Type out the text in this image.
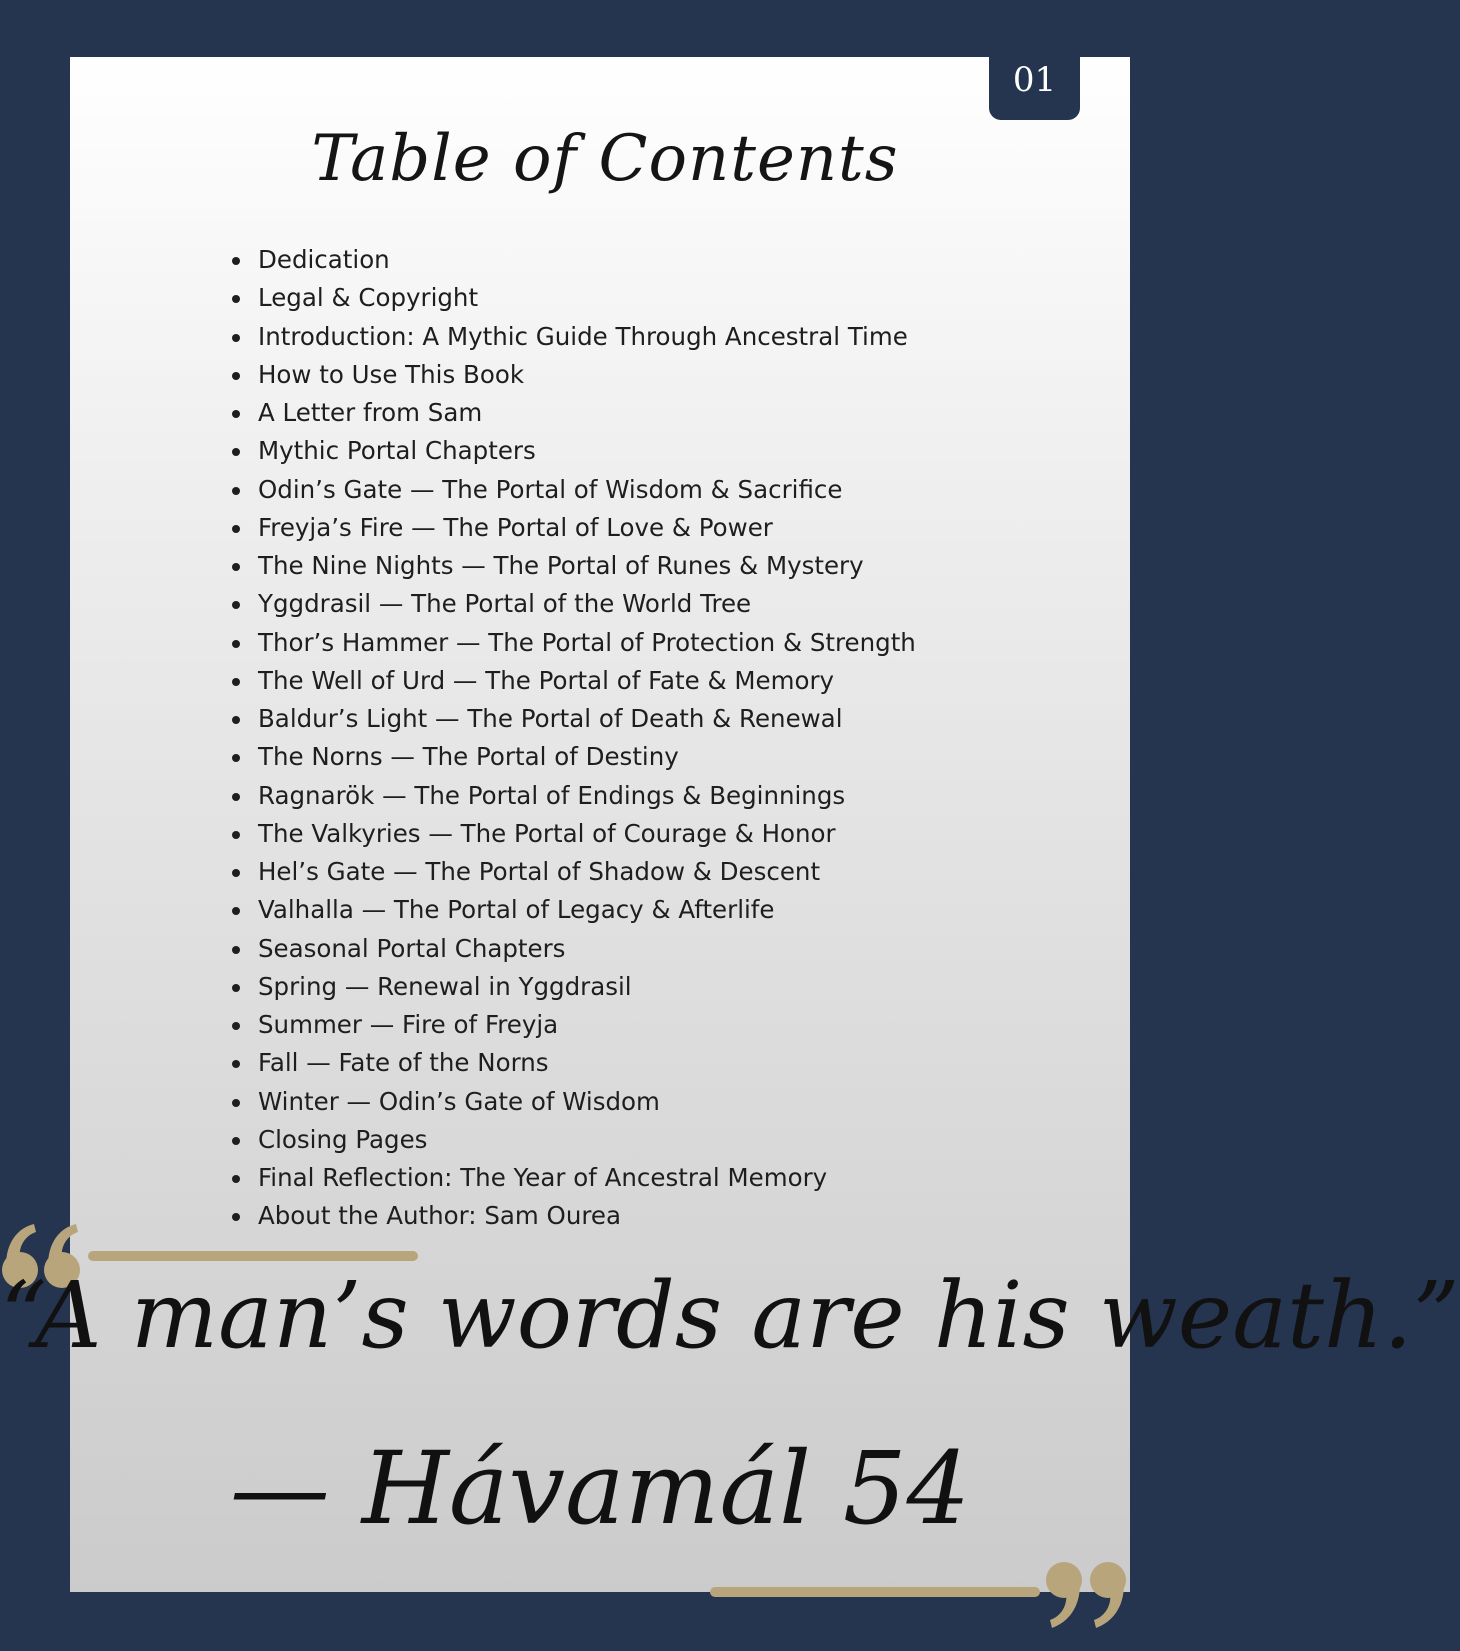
01
Table of Contents
Dedication
Legal & Copyright
Introduction: A Mythic Guide Through Ancestral Time
How to Use This Book
A Letter from Sam
Mythic Portal Chapters
Odin’s Gate — The Portal of Wisdom & Sacrifice
Freyja’s Fire — The Portal of Love & Power
The Nine Nights — The Portal of Runes & Mystery
Yggdrasil — The Portal of the World Tree
Thor’s Hammer — The Portal of Protection & Strength
The Well of Urd — The Portal of Fate & Memory
Baldur’s Light — The Portal of Death & Renewal
The Norns — The Portal of Destiny
Ragnarök — The Portal of Endings & Beginnings
The Valkyries — The Portal of Courage & Honor
Hel’s Gate — The Portal of Shadow & Descent
Valhalla — The Portal of Legacy & Afterlife
Seasonal Portal Chapters
Spring — Renewal in Yggdrasil
Summer — Fire of Freyja
Fall — Fate of the Norns
Winter — Odin’s Gate of Wisdom
Closing Pages
Final Reflection: The Year of Ancestral Memory
About the Author: Sam Ourea
“A man’s words are his weath.”
— Hávamál 54
